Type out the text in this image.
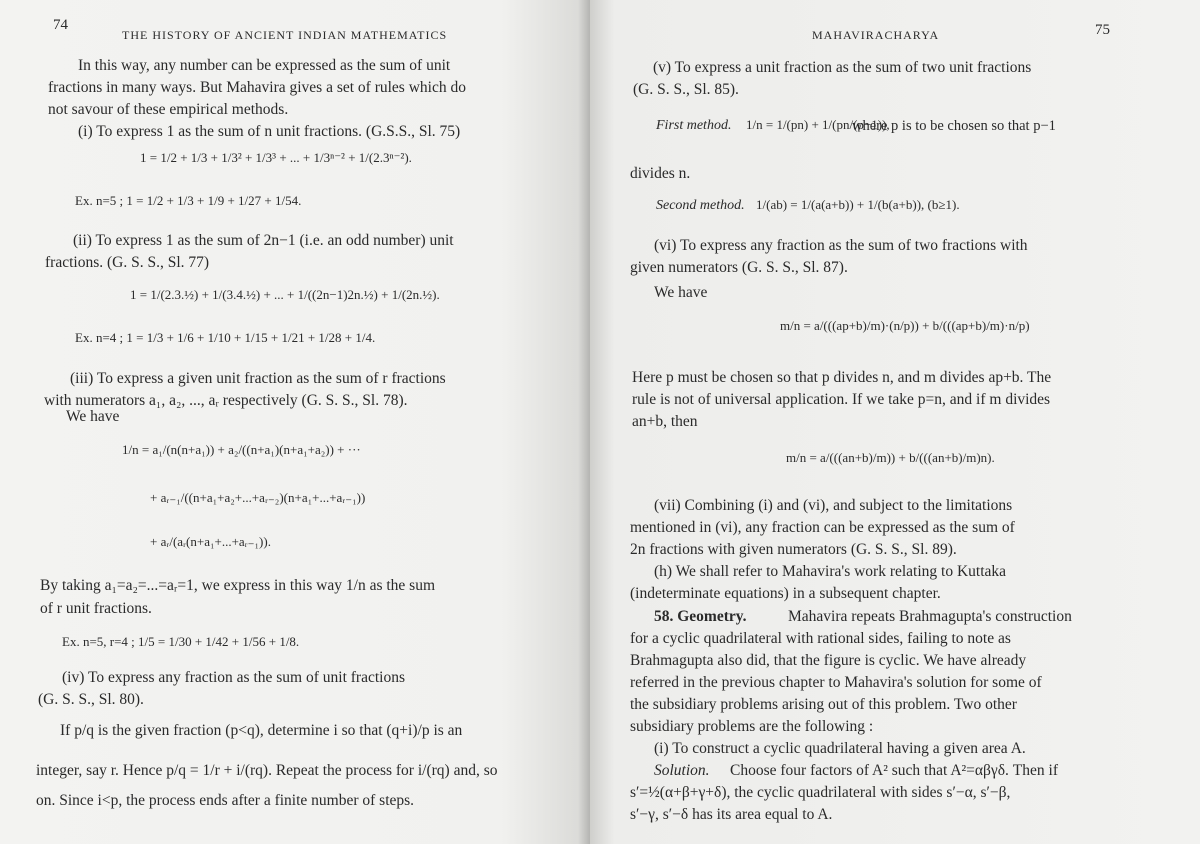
74
THE HISTORY OF ANCIENT INDIAN MATHEMATICS
In this way, any number can be expressed as the sum of unit
fractions in many ways. But Mahavira gives a set of rules which do
not savour of these empirical methods.
(i) To express 1 as the sum of n unit fractions. (G.S.S., Sl. 75)
1 = 1/2 + 1/3 + 1/3² + 1/3³ + ... + 1/3ⁿ⁻² + 1/(2.3ⁿ⁻²).
Ex. n=5 ; 1 = 1/2 + 1/3 + 1/9 + 1/27 + 1/54.
(ii) To express 1 as the sum of 2n−1 (i.e. an odd number) unit
fractions. (G. S. S., Sl. 77)
1 = 1/(2.3.½) + 1/(3.4.½) + ... + 1/((2n−1)2n.½) + 1/(2n.½).
Ex. n=4 ; 1 = 1/3 + 1/6 + 1/10 + 1/15 + 1/21 + 1/28 + 1/4.
(iii) To express a given unit fraction as the sum of r fractions
with numerators a₁, a₂, ..., aᵣ respectively (G. S. S., Sl. 78).
We have
1/n = a₁/(n(n+a₁)) + a₂/((n+a₁)(n+a₁+a₂)) + ···
+ aᵣ₋₁/((n+a₁+a₂+...+aᵣ₋₂)(n+a₁+...+aᵣ₋₁))
+ aᵣ/(aᵣ(n+a₁+...+aᵣ₋₁)).
By taking a₁=a₂=...=aᵣ=1, we express in this way 1/n as the sum
of r unit fractions.
Ex. n=5, r=4 ; 1/5 = 1/30 + 1/42 + 1/56 + 1/8.
(iv) To express any fraction as the sum of unit fractions
(G. S. S., Sl. 80).
If p/q is the given fraction (p<q), determine i so that (q+i)/p is an
integer, say r. Hence p/q = 1/r + i/(rq). Repeat the process for i/(rq) and, so
on. Since i<p, the process ends after a finite number of steps.
MAHAVIRACHARYA	75
(v) To express a unit fraction as the sum of two unit fractions
(G. S. S., Sl. 85).
First method. 1/n = 1/(pn) + 1/(pn/(p−1)),
where p is to be chosen so that p−1
divides n.
Second method. 1/(ab) = 1/(a(a+b)) + 1/(b(a+b)), (b≥1).
(vi) To express any fraction as the sum of two fractions with
given numerators (G. S. S., Sl. 87).
We have
m/n = a/(((ap+b)/m)·(n/p)) + b/(((ap+b)/m)·n/p)
Here p must be chosen so that p divides n, and m divides ap+b. The
rule is not of universal application. If we take p=n, and if m divides
an+b, then
m/n = a/(((an+b)/m)) + b/(((an+b)/m)n).
(vii) Combining (i) and (vi), and subject to the limitations
mentioned in (vi), any fraction can be expressed as the sum of
2n fractions with given numerators (G. S. S., Sl. 89).
(h) We shall refer to Mahavira's work relating to Kuttaka
(indeterminate equations) in a subsequent chapter.
58. Geometry.	Mahavira repeats Brahmagupta's construction
for a cyclic quadrilateral with rational sides, failing to note as
Brahmagupta also did, that the figure is cyclic. We have already
referred in the previous chapter to Mahavira's solution for some of
the subsidiary problems arising out of this problem. Two other
subsidiary problems are the following :
(i) To construct a cyclic quadrilateral having a given area A.
Solution. Choose four factors of A² such that A²=αβγδ. Then if
s′=½(α+β+γ+δ), the cyclic quadrilateral with sides s′−α, s′−β,
s′−γ, s′−δ has its area equal to A.
